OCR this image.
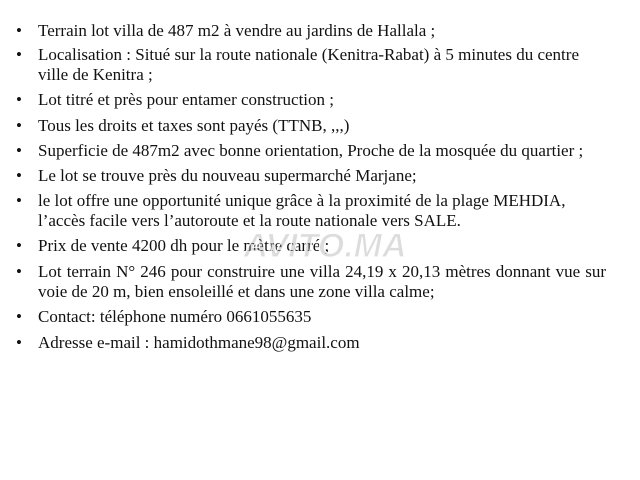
• Terrain lot villa de 487 m2 à vendre au jardins de Hallala ;
• Localisation : Situé sur la route nationale (Kenitra-Rabat) à 5 minutes du centre ville de Kenitra ;
• Lot titré et près pour entamer construction ;
• Tous les droits et taxes sont payés (TTNB, ,,,)
• Superficie de 487m2 avec bonne orientation, Proche de la mosquée du quartier ;
• Le lot se trouve près du nouveau supermarché Marjane;
• le lot offre une opportunité unique grâce à la proximité de la plage MEHDIA, l’accès facile vers l’autoroute et la route nationale vers SALE.
• Prix de vente 4200 dh pour le mètre carré ;
• Lot terrain N° 246 pour construire une villa 24,19 x 20,13 mètres donnant vue sur voie de 20 m, bien ensoleillé et dans une zone villa calme;
• Contact: téléphone numéro 0661055635
• Adresse e-mail : hamidothmane98@gmail.com
AVITO.MA
